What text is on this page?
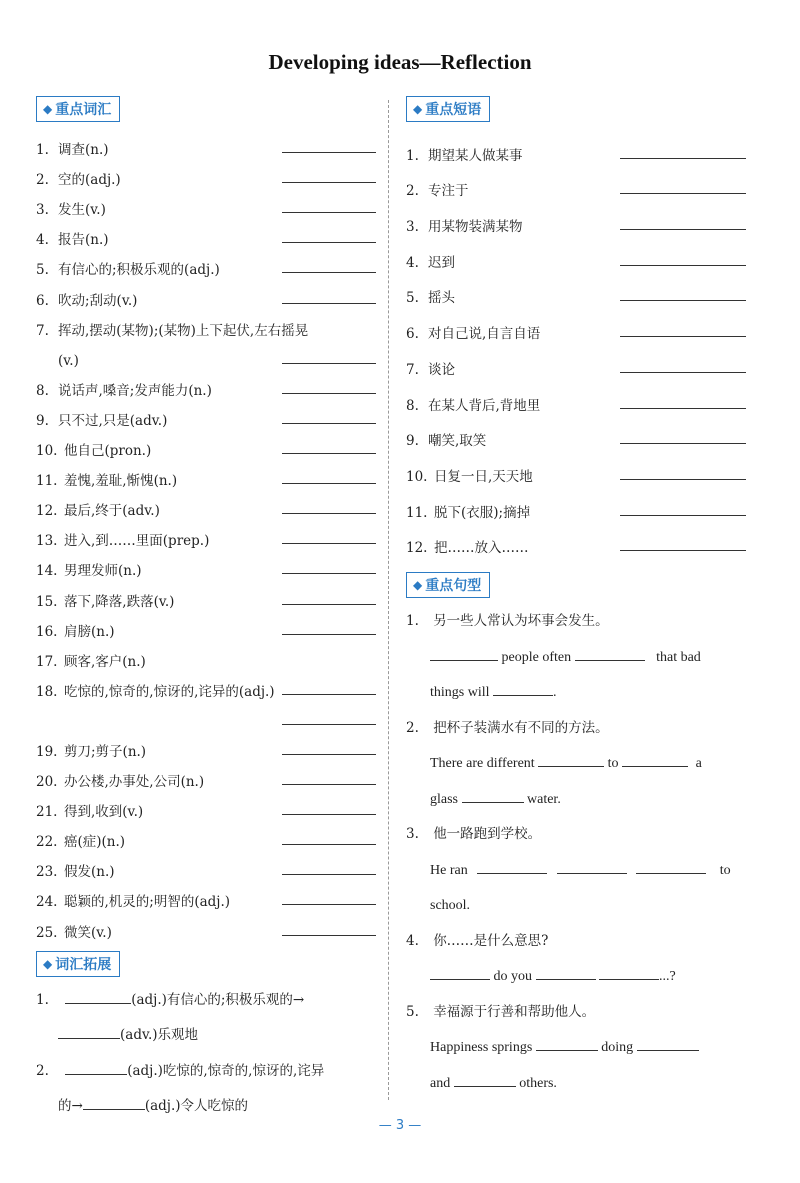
Developing ideas—Reflection
◆ 重点词汇
1. 调查(n.)
2. 空的(adj.)
3. 发生(v.)
4. 报告(n.)
5. 有信心的;积极乐观的(adj.)
6. 吹动;刮动(v.)
7. 挥动,摆动(某物);(某物)上下起伏,左右摇晃
(v.)
8. 说话声,嗓音;发声能力(n.)
9. 只不过,只是(adv.)
10. 他自己(pron.)
11. 羞愧,羞耻,惭愧(n.)
12. 最后,终于(adv.)
13. 进入,到……里面(prep.)
14. 男理发师(n.)
15. 落下,降落,跌落(v.)
16. 肩膀(n.)
17. 顾客,客户(n.)
18. 吃惊的,惊奇的,惊讶的,诧异的(adj.)
19. 剪刀;剪子(n.)
20. 办公楼,办事处,公司(n.)
21. 得到,收到(v.)
22. 癌(症)(n.)
23. 假发(n.)
24. 聪颖的,机灵的;明智的(adj.)
25. 微笑(v.)
◆ 词汇拓展
1.	(adj.)有信心的;积极乐观的→
(adv.)乐观地
2.	(adj.)吃惊的,惊奇的,惊讶的,诧异
的→	(adj.)令人吃惊的
◆ 重点短语
1. 期望某人做某事
2. 专注于
3. 用某物装满某物
4. 迟到
5. 摇头
6. 对自己说,自言自语
7. 谈论
8. 在某人背后,背地里
9. 嘲笑,取笑
10. 日复一日,天天地
11. 脱下(衣服);摘掉
12. 把……放入……
◆ 重点句型
1. 另一些人常认为坏事会发生。
people often	that bad
things will	.
2. 把杯子装满水有不同的方法。
There are different	to	a
glass	water.
3. 他一路跑到学校。
He ran	to
school.
4. 你……是什么意思?
do you	...?
5. 幸福源于行善和帮助他人。
Happiness springs	doing
and	others.
— 3 —
